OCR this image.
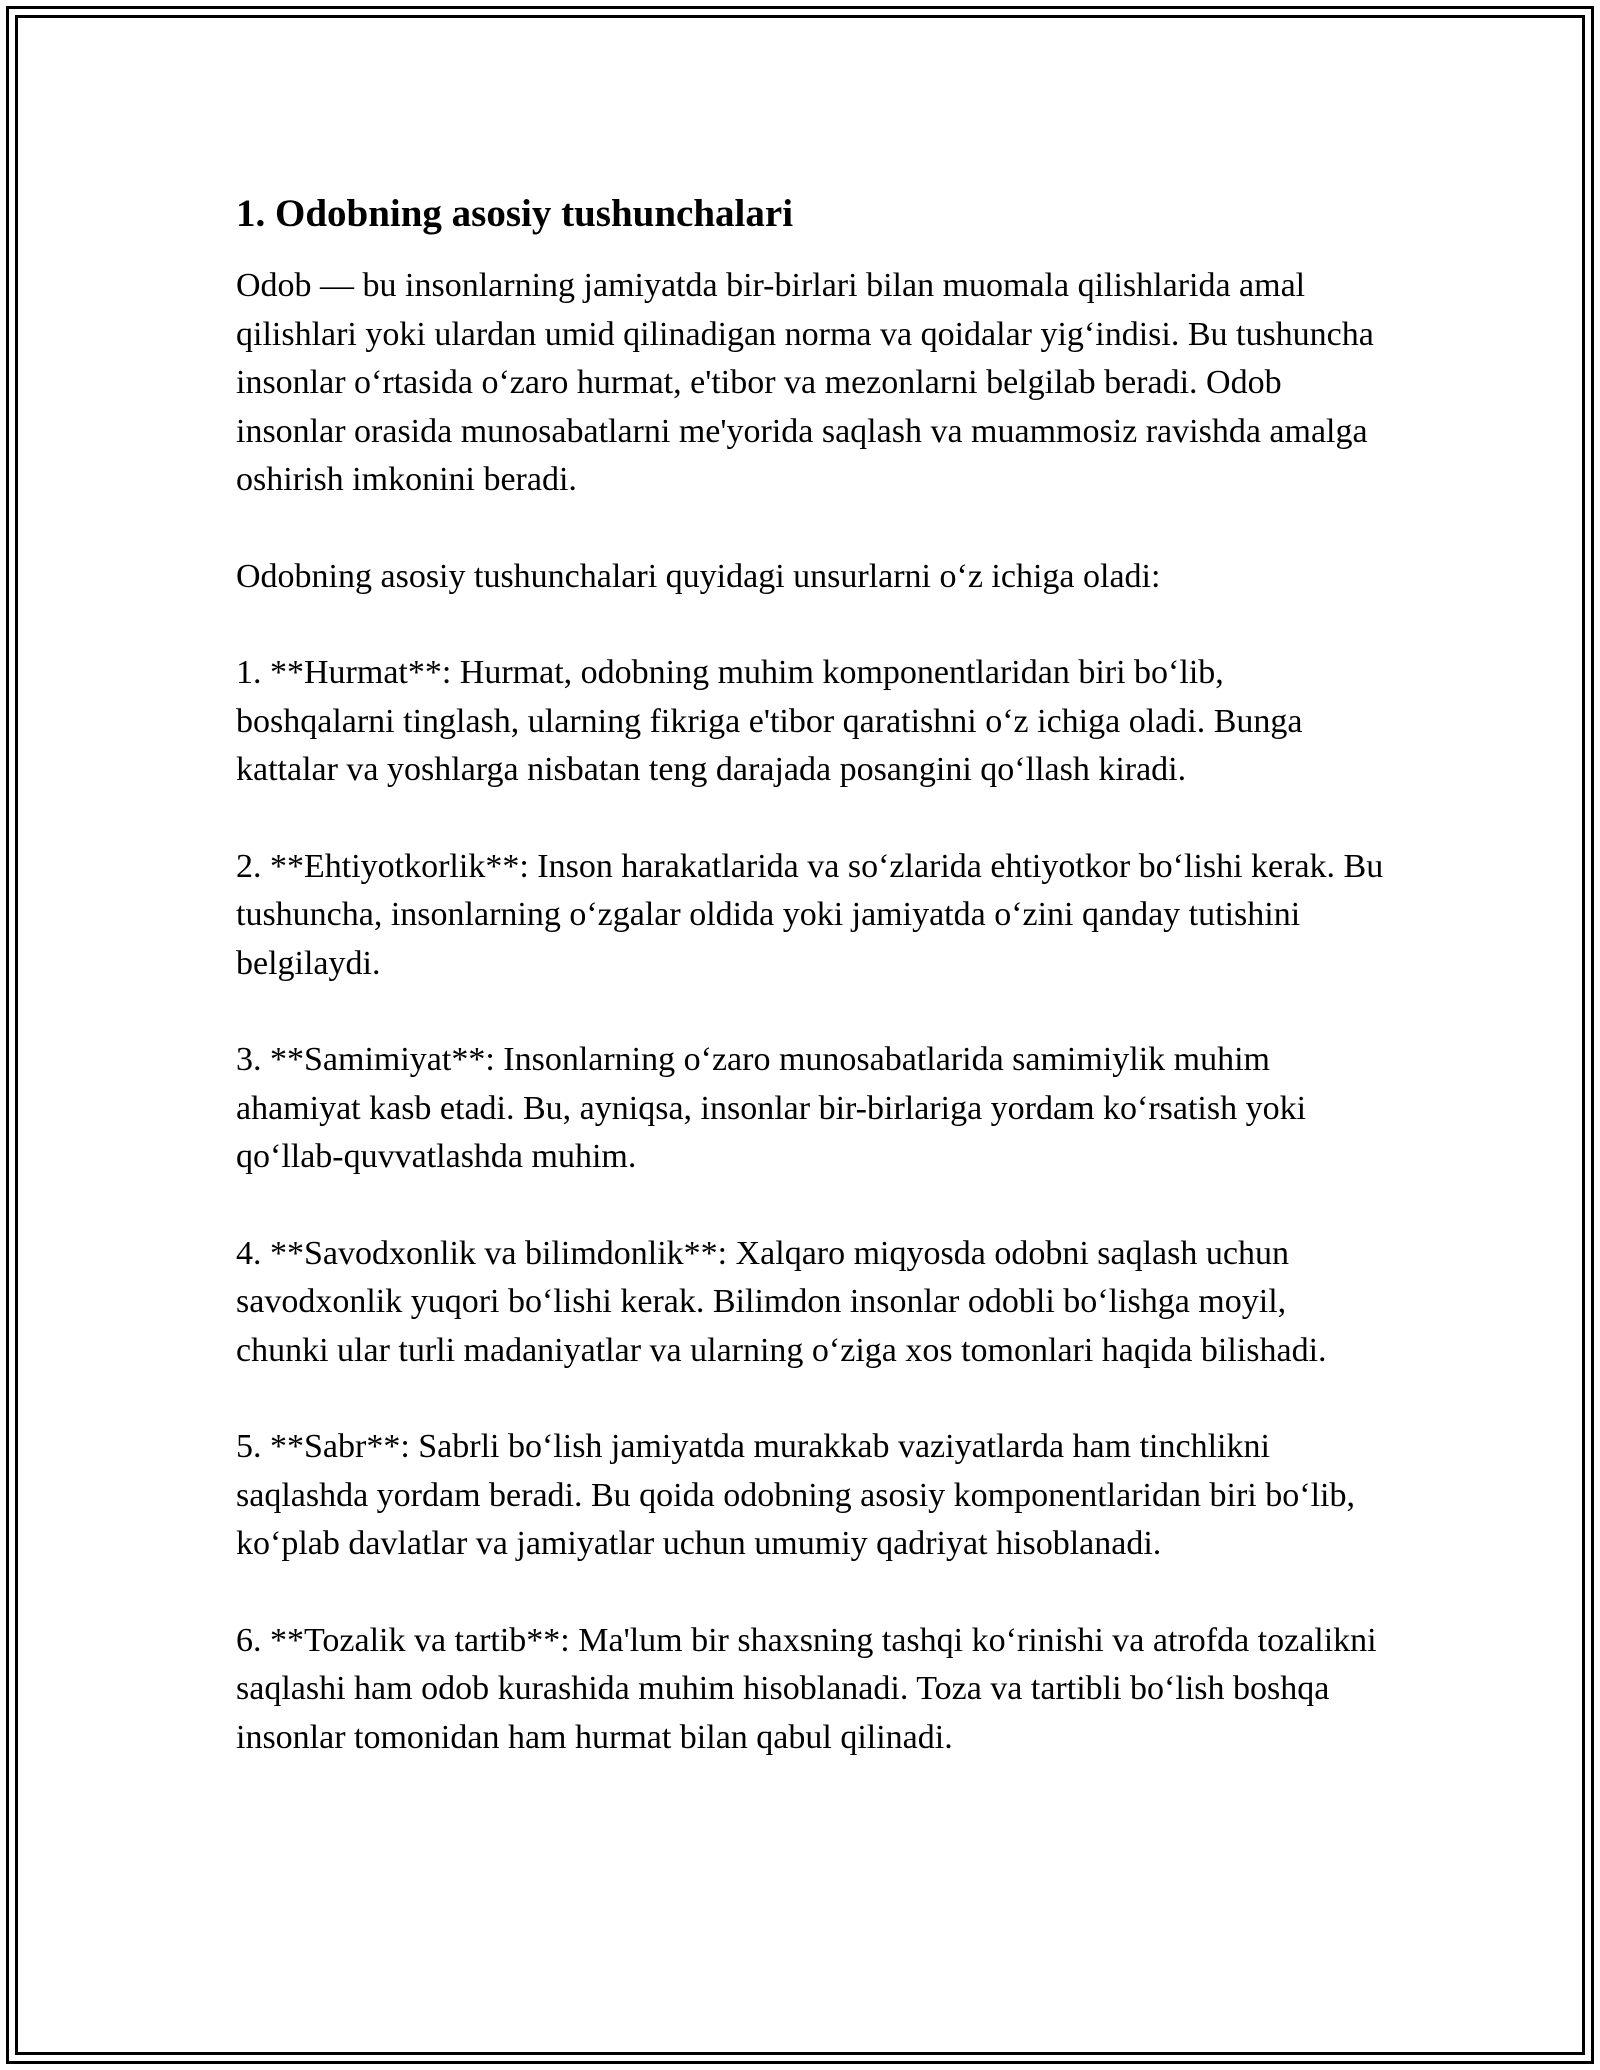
1. Odobning asosiy tushunchalari

Odob — bu insonlarning jamiyatda bir-birlari bilan muomala qilishlarida amal qilishlari yoki ulardan umid qilinadigan norma va qoidalar yig‘indisi. Bu tushuncha insonlar o‘rtasida o‘zaro hurmat, e'tibor va mezonlarni belgilab beradi. Odob insonlar orasida munosabatlarni me'yorida saqlash va muammosiz ravishda amalga oshirish imkonini beradi.

Odobning asosiy tushunchalari quyidagi unsurlarni o‘z ichiga oladi:

1. **Hurmat**: Hurmat, odobning muhim komponentlaridan biri bo‘lib, boshqalarni tinglash, ularning fikriga e'tibor qaratishni o‘z ichiga oladi. Bunga kattalar va yoshlarga nisbatan teng darajada posangini qo‘llash kiradi.

2. **Ehtiyotkorlik**: Inson harakatlarida va so‘zlarida ehtiyotkor bo‘lishi kerak. Bu tushuncha, insonlarning o‘zgalar oldida yoki jamiyatda o‘zini qanday tutishini belgilaydi.

3. **Samimiyat**: Insonlarning o‘zaro munosabatlarida samimiylik muhim ahamiyat kasb etadi. Bu, ayniqsa, insonlar bir-birlariga yordam ko‘rsatish yoki qo‘llab-quvvatlashda muhim.

4. **Savodxonlik va bilimdonlik**: Xalqaro miqyosda odobni saqlash uchun savodxonlik yuqori bo‘lishi kerak. Bilimdon insonlar odobli bo‘lishga moyil, chunki ular turli madaniyatlar va ularning o‘ziga xos tomonlari haqida bilishadi.

5. **Sabr**: Sabrli bo‘lish jamiyatda murakkab vaziyatlarda ham tinchlikni saqlashda yordam beradi. Bu qoida odobning asosiy komponentlaridan biri bo‘lib, ko‘plab davlatlar va jamiyatlar uchun umumiy qadriyat hisoblanadi.

6. **Tozalik va tartib**: Ma'lum bir shaxsning tashqi ko‘rinishi va atrofda tozalikni saqlashi ham odob kurashida muhim hisoblanadi. Toza va tartibli bo‘lish boshqa insonlar tomonidan ham hurmat bilan qabul qilinadi.
